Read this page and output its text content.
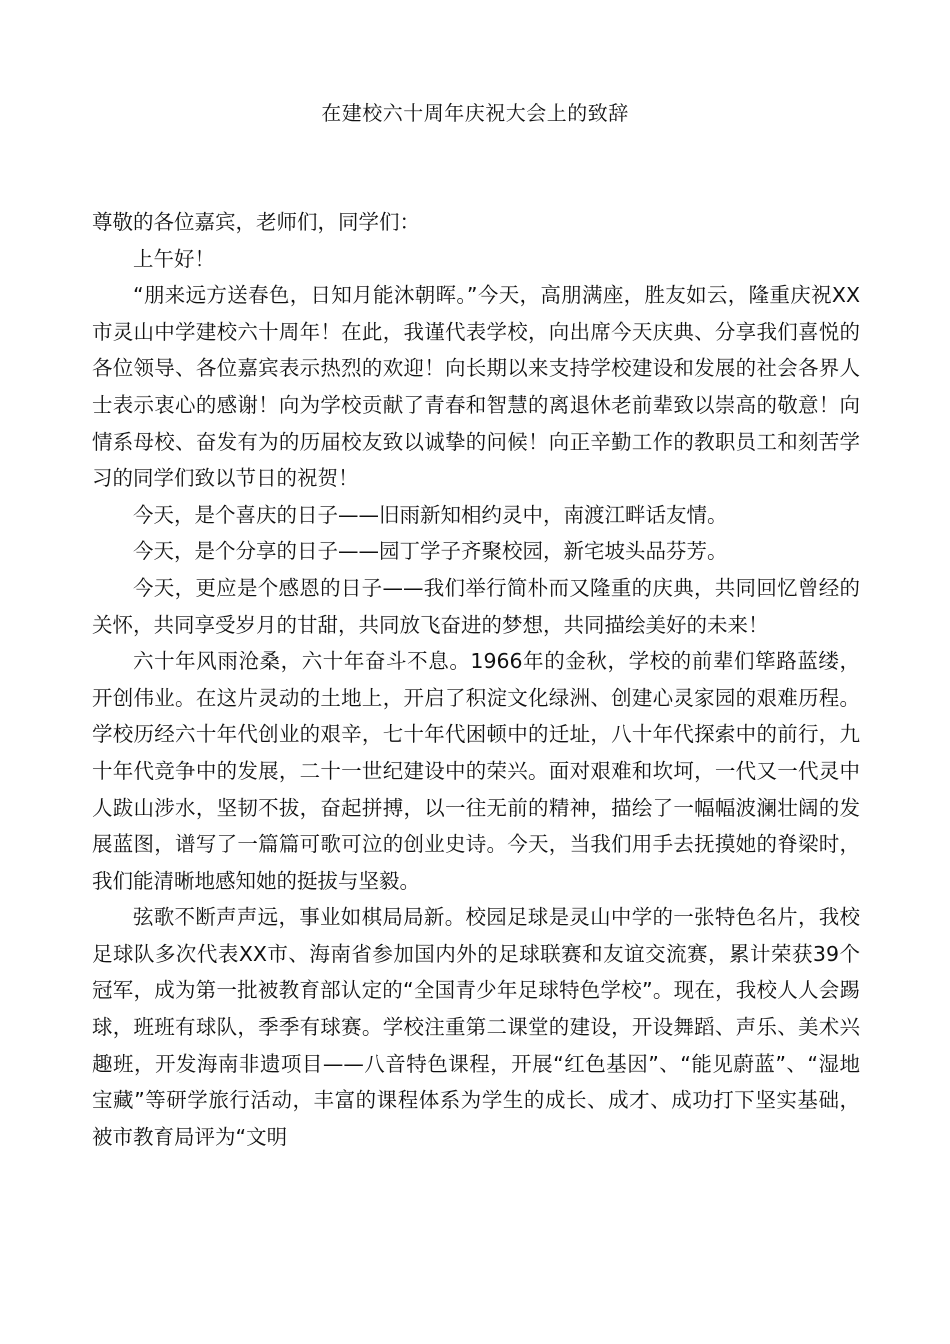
在建校六十周年庆祝大会上的致辞

尊敬的各位嘉宾，老师们，同学们：

上午好！

“朋来远方送春色，日知月能沐朝晖。”今天，高朋满座，胜友如云，隆重庆祝XX市灵山中学建校六十周年！在此，我谨代表学校，向出席今天庆典、分享我们喜悦的各位领导、各位嘉宾表示热烈的欢迎！向长期以来支持学校建设和发展的社会各界人士表示衷心的感谢！向为学校贡献了青春和智慧的离退休老前辈致以崇高的敬意！向情系母校、奋发有为的历届校友致以诚挚的问候！向正辛勤工作的教职员工和刻苦学习的同学们致以节日的祝贺！

今天，是个喜庆的日子——旧雨新知相约灵中，南渡江畔话友情。

今天，是个分享的日子——园丁学子齐聚校园，新宅坡头品芬芳。

今天，更应是个感恩的日子——我们举行简朴而又隆重的庆典，共同回忆曾经的关怀，共同享受岁月的甘甜，共同放飞奋进的梦想，共同描绘美好的未来！

六十年风雨沧桑，六十年奋斗不息。1966年的金秋，学校的前辈们筚路蓝缕，开创伟业。在这片灵动的土地上，开启了积淀文化绿洲、创建心灵家园的艰难历程。学校历经六十年代创业的艰辛，七十年代困顿中的迁址，八十年代探索中的前行，九十年代竞争中的发展，二十一世纪建设中的荣兴。面对艰难和坎坷，一代又一代灵中人跋山涉水，坚韧不拔，奋起拼搏，以一往无前的精神，描绘了一幅幅波澜壮阔的发展蓝图，谱写了一篇篇可歌可泣的创业史诗。今天，当我们用手去抚摸她的脊梁时，我们能清晰地感知她的挺拔与坚毅。

弦歌不断声声远，事业如棋局局新。校园足球是灵山中学的一张特色名片，我校足球队多次代表XX市、海南省参加国内外的足球联赛和友谊交流赛，累计荣获39个冠军，成为第一批被教育部认定的“全国青少年足球特色学校”。现在，我校人人会踢球，班班有球队，季季有球赛。学校注重第二课堂的建设，开设舞蹈、声乐、美术兴趣班，开发海南非遗项目——八音特色课程，开展“红色基因”、“能见蔚蓝”、“湿地宝藏”等研学旅行活动，丰富的课程体系为学生的成长、成才、成功打下坚实基础，被市教育局评为“文明
